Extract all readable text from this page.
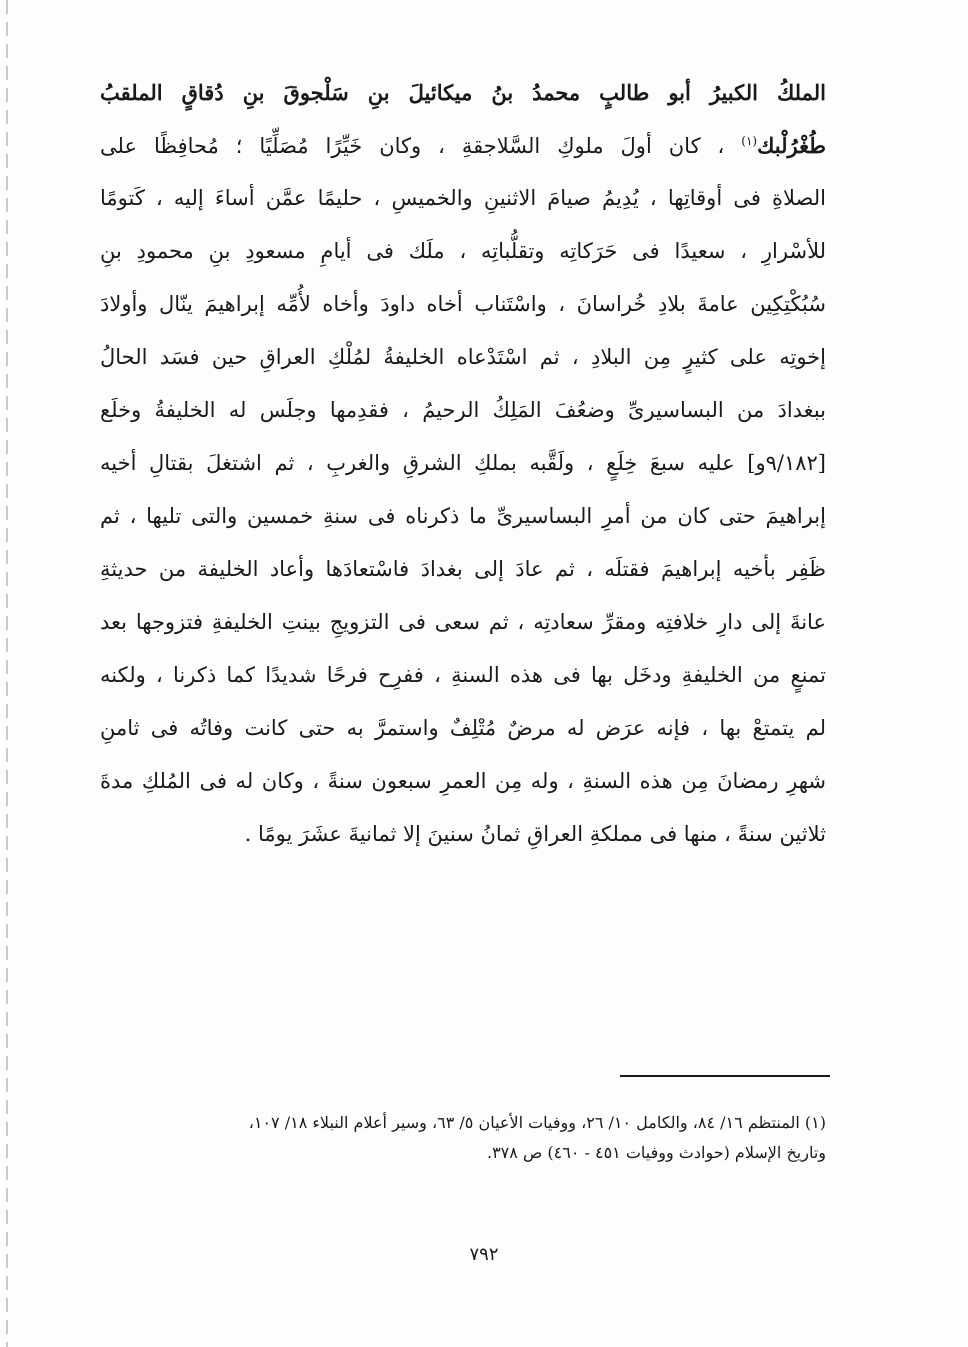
الملكُ الكبيرُ أبو طالبٍ محمدُ بنُ ميكائيلَ بنِ سَلْجوقَ بنِ دُقاقٍ الملقبُ
طُغْرُلْبك$^{(١)}$ ، كان أولَ ملوكِ السَّلاجقةِ ، وكان خَيِّرًا مُصَلِّيًا ؛ مُحافِظًا على
الصلاةِ فى أوقاتِها ، يُدِيمُ صيامَ الاثنينِ والخميسِ ، حليمًا عمَّن أساءَ إليه ، كَتومًا
للأسْرارِ ، سعيدًا فى حَرَكاتِه وتقلُّباتِه ، ملَك فى أيامِ مسعودِ بنِ محمودِ بنِ
سُبُكْتِكِين عامةَ بلادِ خُراسانَ ، واسْتَناب أخاه داودَ وأخاه لأُمِّه إبراهيمَ ينّال وأولادَ
إخوتِه على كثيرٍ مِن البلادِ ، ثم اسْتَدْعاه الخليفةُ لمُلْكِ العراقِ حين فسَد الحالُ
ببغدادَ من البساسيرىِّ وضعُفَ المَلِكُ الرحيمُ ، فقدِمها وجلَس له الخليفةُ وخلَع
[٩/١٨٢و] عليه سبعَ خِلَعٍ ، ولَقَّبه بملكِ الشرقِ والغربِ ، ثم اشتغلَ بقتالِ أخيه
إبراهيمَ حتى كان من أمرِ البساسيرىِّ ما ذكرناه فى سنةِ خمسين والتى تليها ، ثم
ظَفِر بأخيه إبراهيمَ فقتلَه ، ثم عادَ إلى بغدادَ فاسْتعادَها وأعاد الخليفة من حديثةِ
عانةَ إلى دارِ خلافتِه ومقرِّ سعادتِه ، ثم سعى فى التزويجِ بينتِ الخليفةِ فتزوجها بعد
تمنعٍ من الخليفةِ ودخَل بها فى هذه السنةِ ، ففرِح فرحًا شديدًا كما ذكرنا ، ولكنه
لم يتمتعْ بها ، فإنه عرَض له مرضٌ مُتْلِفٌ واستمرَّ به حتى كانت وفاتُه فى ثامنِ
شهرِ رمضانَ مِن هذه السنةِ ، وله مِن العمرِ سبعون سنةً ، وكان له فى المُلكِ مدةَ
ثلاثين سنةً ، منها فى مملكةِ العراقِ ثمانُ سنينَ إلا ثمانيةَ عشَرَ يومًا .
(١) المنتظم ١٦/ ٨٤، والكامل ١٠/ ٢٦، ووفيات الأعيان ٥/ ٦٣، وسير أعلام النبلاء ١٨/ ١٠٧،
وتاريخ الإسلام (حوادث ووفيات ٤٥١ - ٤٦٠) ص ٣٧٨.
٧٩٢
